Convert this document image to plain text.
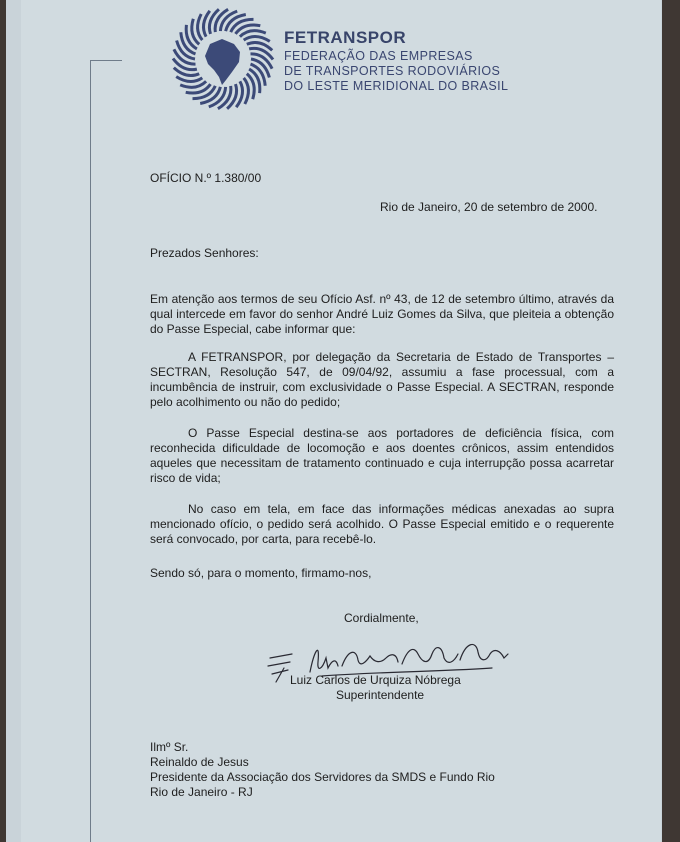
FETRANSPOR
FEDERAÇÃO DAS EMPRESAS
DE TRANSPORTES RODOVIÁRIOS
DO LESTE MERIDIONAL DO BRASIL
OFÍCIO N.º 1.380/00
Rio de Janeiro, 20 de setembro de 2000.
Prezados Senhores:
Em atenção aos termos de seu Ofício Asf. nº 43, de 12 de setembro último, através da qual intercede em favor do senhor André Luiz Gomes da Silva, que pleiteia a obtenção do Passe Especial, cabe informar que:
A FETRANSPOR, por delegação da Secretaria de Estado de Transportes – SECTRAN, Resolução 547, de 09/04/92, assumiu a fase processual, com a incumbência de instruir, com exclusividade o Passe Especial. A SECTRAN, responde pelo acolhimento ou não do pedido;
O Passe Especial destina-se aos portadores de deficiência física, com reconhecida dificuldade de locomoção e aos doentes crônicos, assim entendidos aqueles que necessitam de tratamento continuado e cuja interrupção possa acarretar risco de vida;
No caso em tela, em face das informações médicas anexadas ao supra mencionado ofício, o pedido será acolhido. O Passe Especial emitido e o requerente será convocado, por carta, para recebê-lo.
Sendo só, para o momento, firmamo-nos,
Cordialmente,
Luiz Carlos de Urquiza Nóbrega
Superintendente
Ilmº Sr.
Reinaldo de Jesus
Presidente da Associação dos Servidores da SMDS e Fundo Rio
Rio de Janeiro - RJ
